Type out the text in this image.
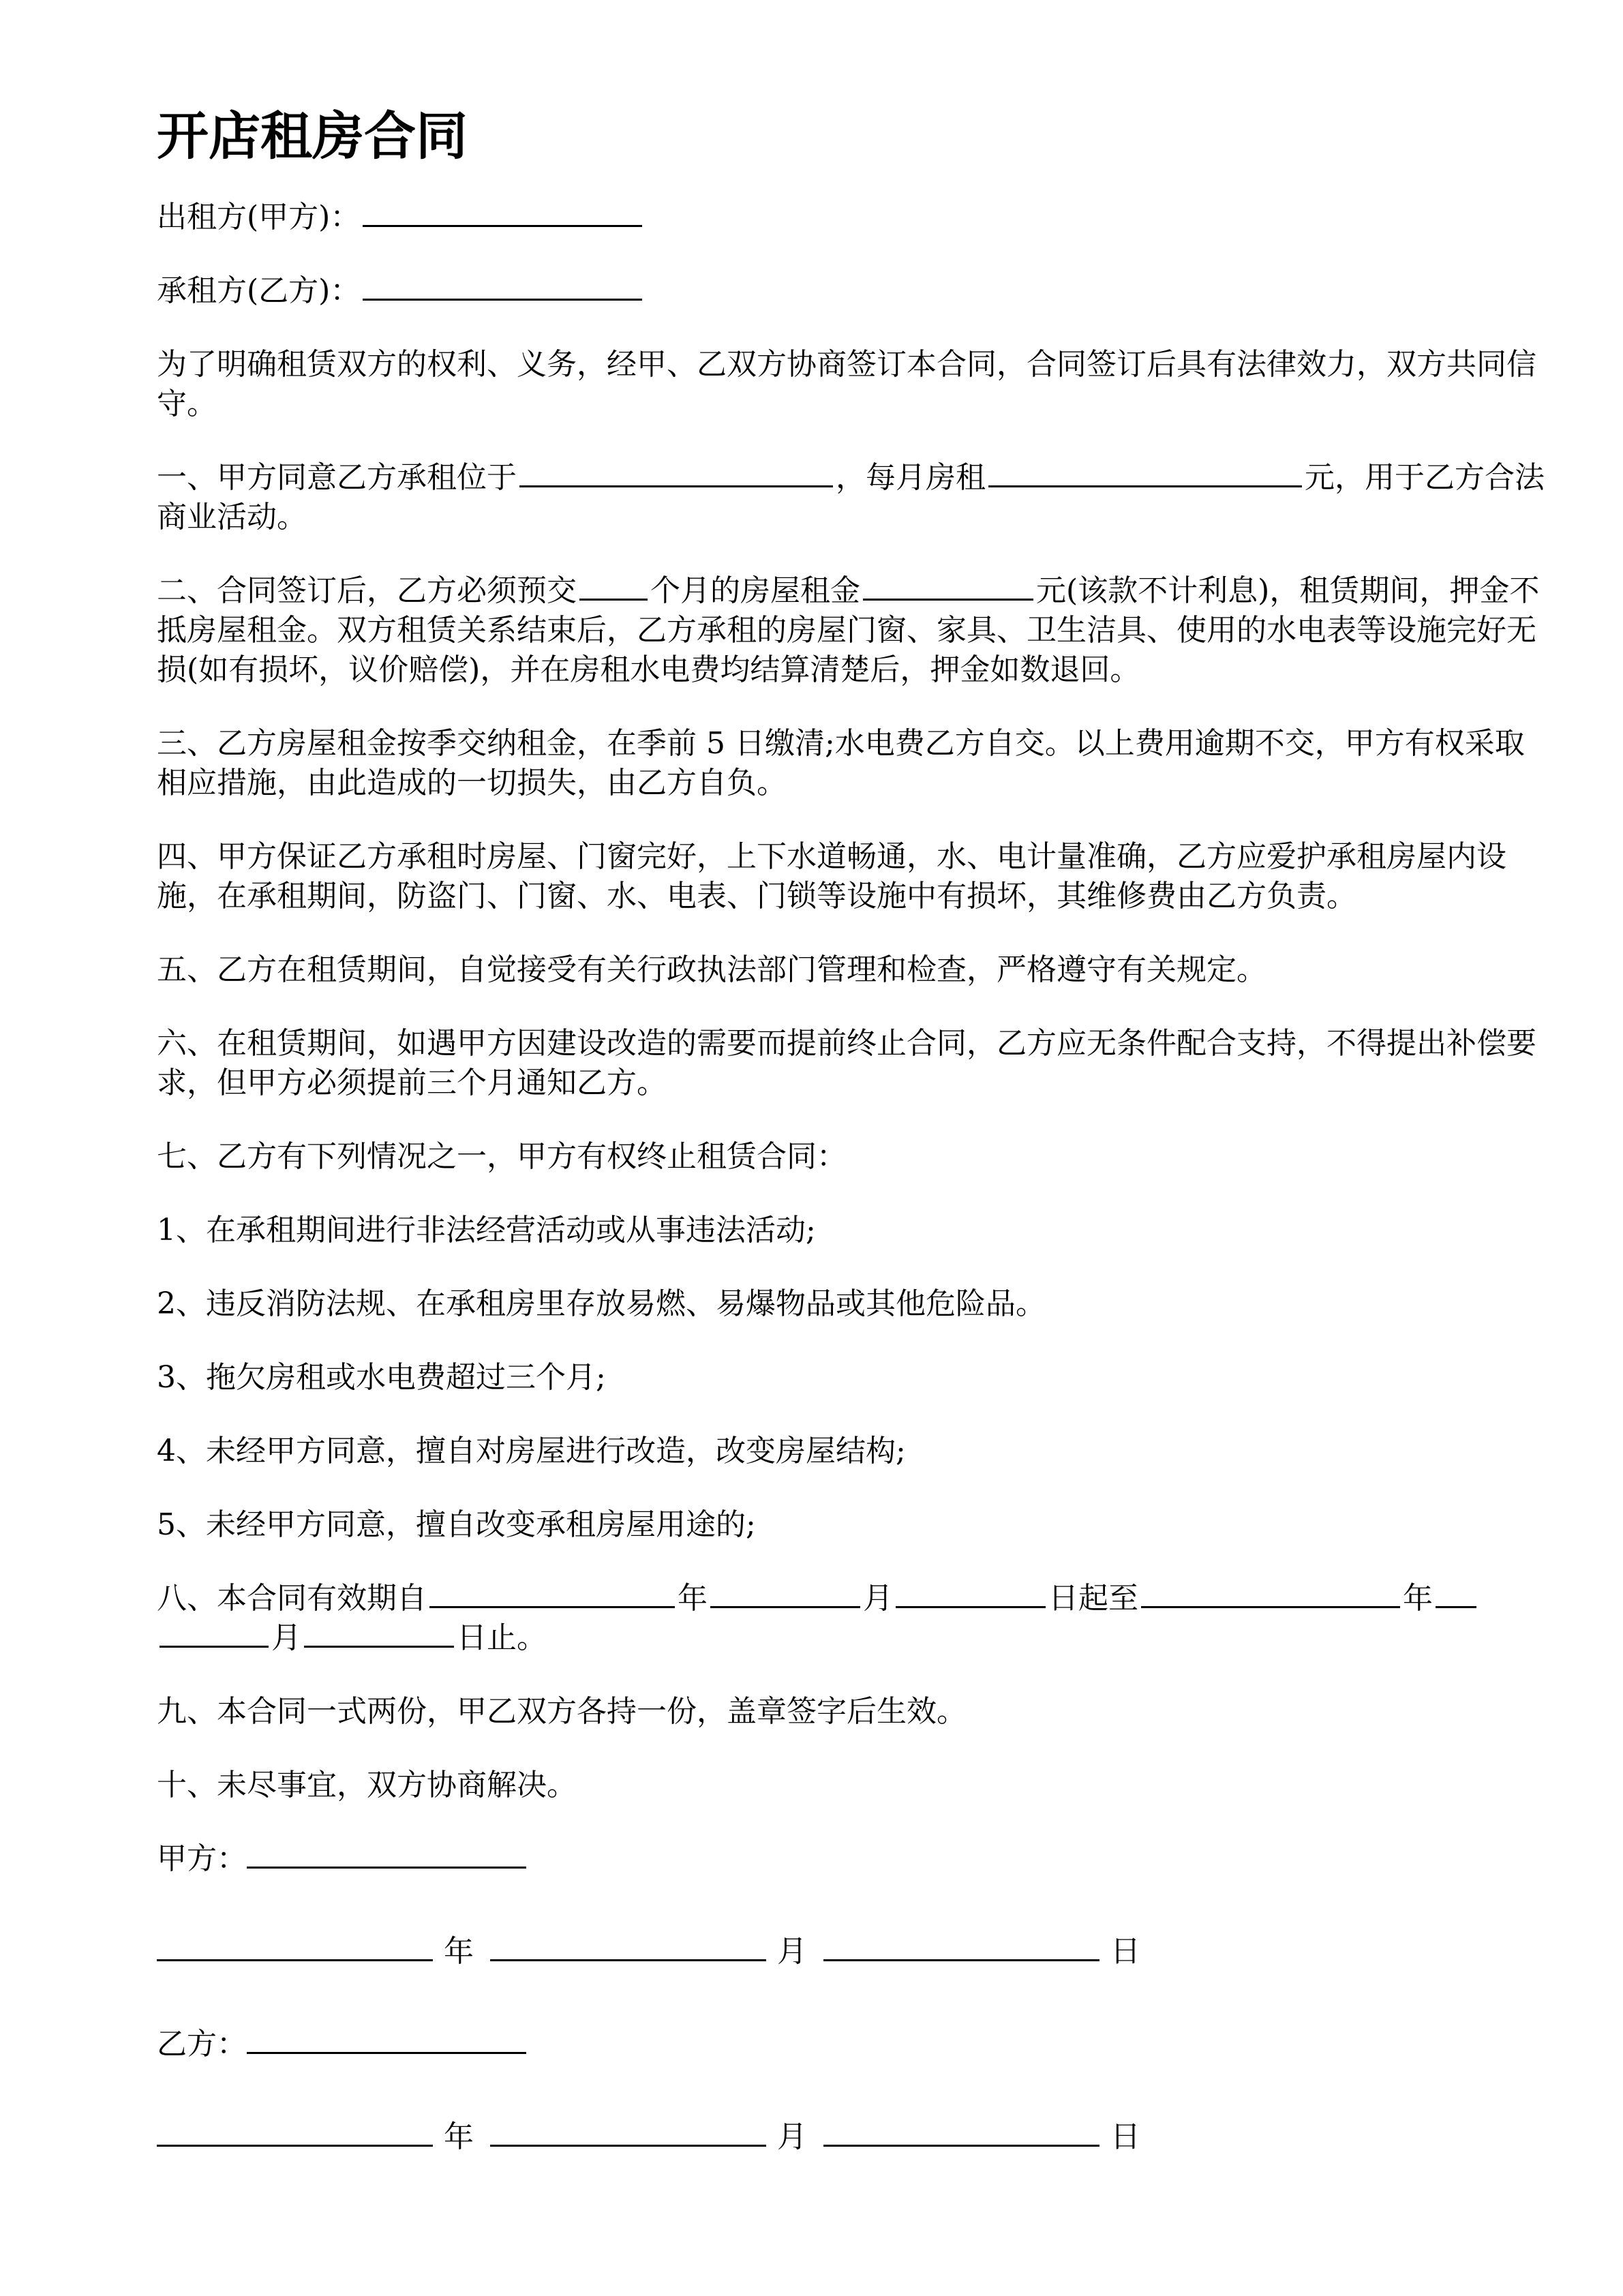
开店租房合同
出租方(甲方)：
承租方(乙方)：
为了明确租赁双方的权利、义务，经甲、乙双方协商签订本合同，合同签订后具有法律效力，双方共同信守。
一、甲方同意乙方承租位于	，每月房租	元，用于乙方合法商业活动。
二、合同签订后，乙方必须预交 个月的房屋租金	元(该款不计利息)，租赁期间，押金不抵房屋租金。双方租赁关系结束后，乙方承租的房屋门窗、家具、卫生洁具、使用的水电表等设施完好无损(如有损坏，议价赔偿)，并在房租水电费均结算清楚后，押金如数退回。
三、乙方房屋租金按季交纳租金，在季前 5 日缴清;水电费乙方自交。以上费用逾期不交，甲方有权采取相应措施，由此造成的一切损失，由乙方自负。
四、甲方保证乙方承租时房屋、门窗完好，上下水道畅通，水、电计量准确，乙方应爱护承租房屋内设施，在承租期间，防盗门、门窗、水、电表、门锁等设施中有损坏，其维修费由乙方负责。
五、乙方在租赁期间，自觉接受有关行政执法部门管理和检查，严格遵守有关规定。
六、在租赁期间，如遇甲方因建设改造的需要而提前终止合同，乙方应无条件配合支持，不得提出补偿要求，但甲方必须提前三个月通知乙方。
七、乙方有下列情况之一，甲方有权终止租赁合同：
1、在承租期间进行非法经营活动或从事违法活动;
2、违反消防法规、在承租房里存放易燃、易爆物品或其他危险品。
3、拖欠房租或水电费超过三个月;
4、未经甲方同意，擅自对房屋进行改造，改变房屋结构;
5、未经甲方同意，擅自改变承租房屋用途的;
八、本合同有效期自	年	月	日起至	年月	日止。
九、本合同一式两份，甲乙双方各持一份，盖章签字后生效。
十、未尽事宜，双方协商解决。
甲方：
年	月	日
乙方：
年	月	日
